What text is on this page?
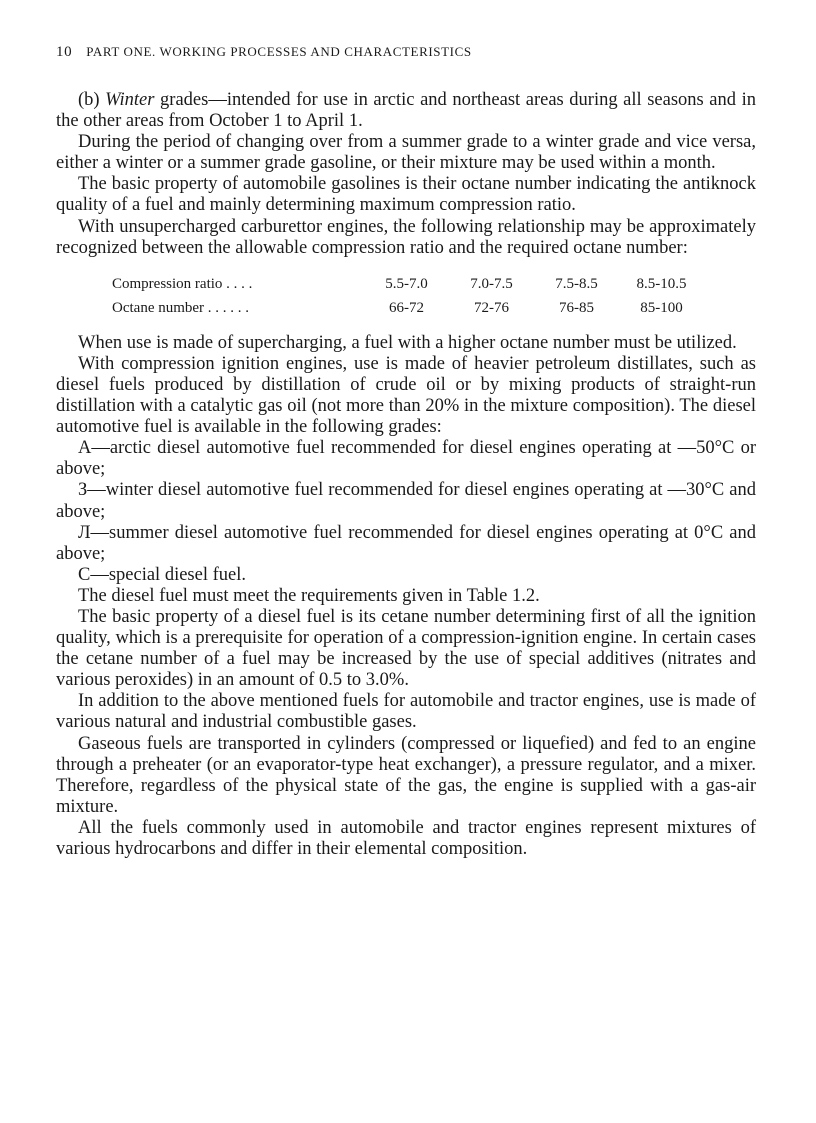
10 PART ONE. WORKING PROCESSES AND CHARACTERISTICS

(b) Winter grades—intended for use in arctic and northeast areas during all seasons and in the other areas from October 1 to April 1.

During the period of changing over from a summer grade to a winter grade and vice versa, either a winter or a summer grade gasoline, or their mixture may be used within a month.

The basic property of automobile gasolines is their octane number indicating the antiknock quality of a fuel and mainly determining maximum compression ratio.

With unsupercharged carburettor engines, the following relationship may be approximately recognized between the allowable compression ratio and the required octane number:

Compression ratio . . . .	5.5-7.0	7.0-7.5	7.5-8.5	8.5-10.5
Octane number . . . . . .	66-72	72-76	76-85	85-100

When use is made of supercharging, a fuel with a higher octane number must be utilized.

With compression ignition engines, use is made of heavier petroleum distillates, such as diesel fuels produced by distillation of crude oil or by mixing products of straight-run distillation with a catalytic gas oil (not more than 20% in the mixture composition). The diesel automotive fuel is available in the following grades:

A—arctic diesel automotive fuel recommended for diesel engines operating at —50°C or above;

З—winter diesel automotive fuel recommended for diesel engines operating at —30°C and above;

Л—summer diesel automotive fuel recommended for diesel engines operating at 0°C and above;

C—special diesel fuel.

The diesel fuel must meet the requirements given in Table 1.2.

The basic property of a diesel fuel is its cetane number determining first of all the ignition quality, which is a prerequisite for operation of a compression-ignition engine. In certain cases the cetane number of a fuel may be increased by the use of special additives (nitrates and various peroxides) in an amount of 0.5 to 3.0%.

In addition to the above mentioned fuels for automobile and tractor engines, use is made of various natural and industrial combustible gases.

Gaseous fuels are transported in cylinders (compressed or liquefied) and fed to an engine through a preheater (or an evaporator-type heat exchanger), a pressure regulator, and a mixer. Therefore, regardless of the physical state of the gas, the engine is supplied with a gas-air mixture.

All the fuels commonly used in automobile and tractor engines represent mixtures of various hydrocarbons and differ in their elemental composition.
